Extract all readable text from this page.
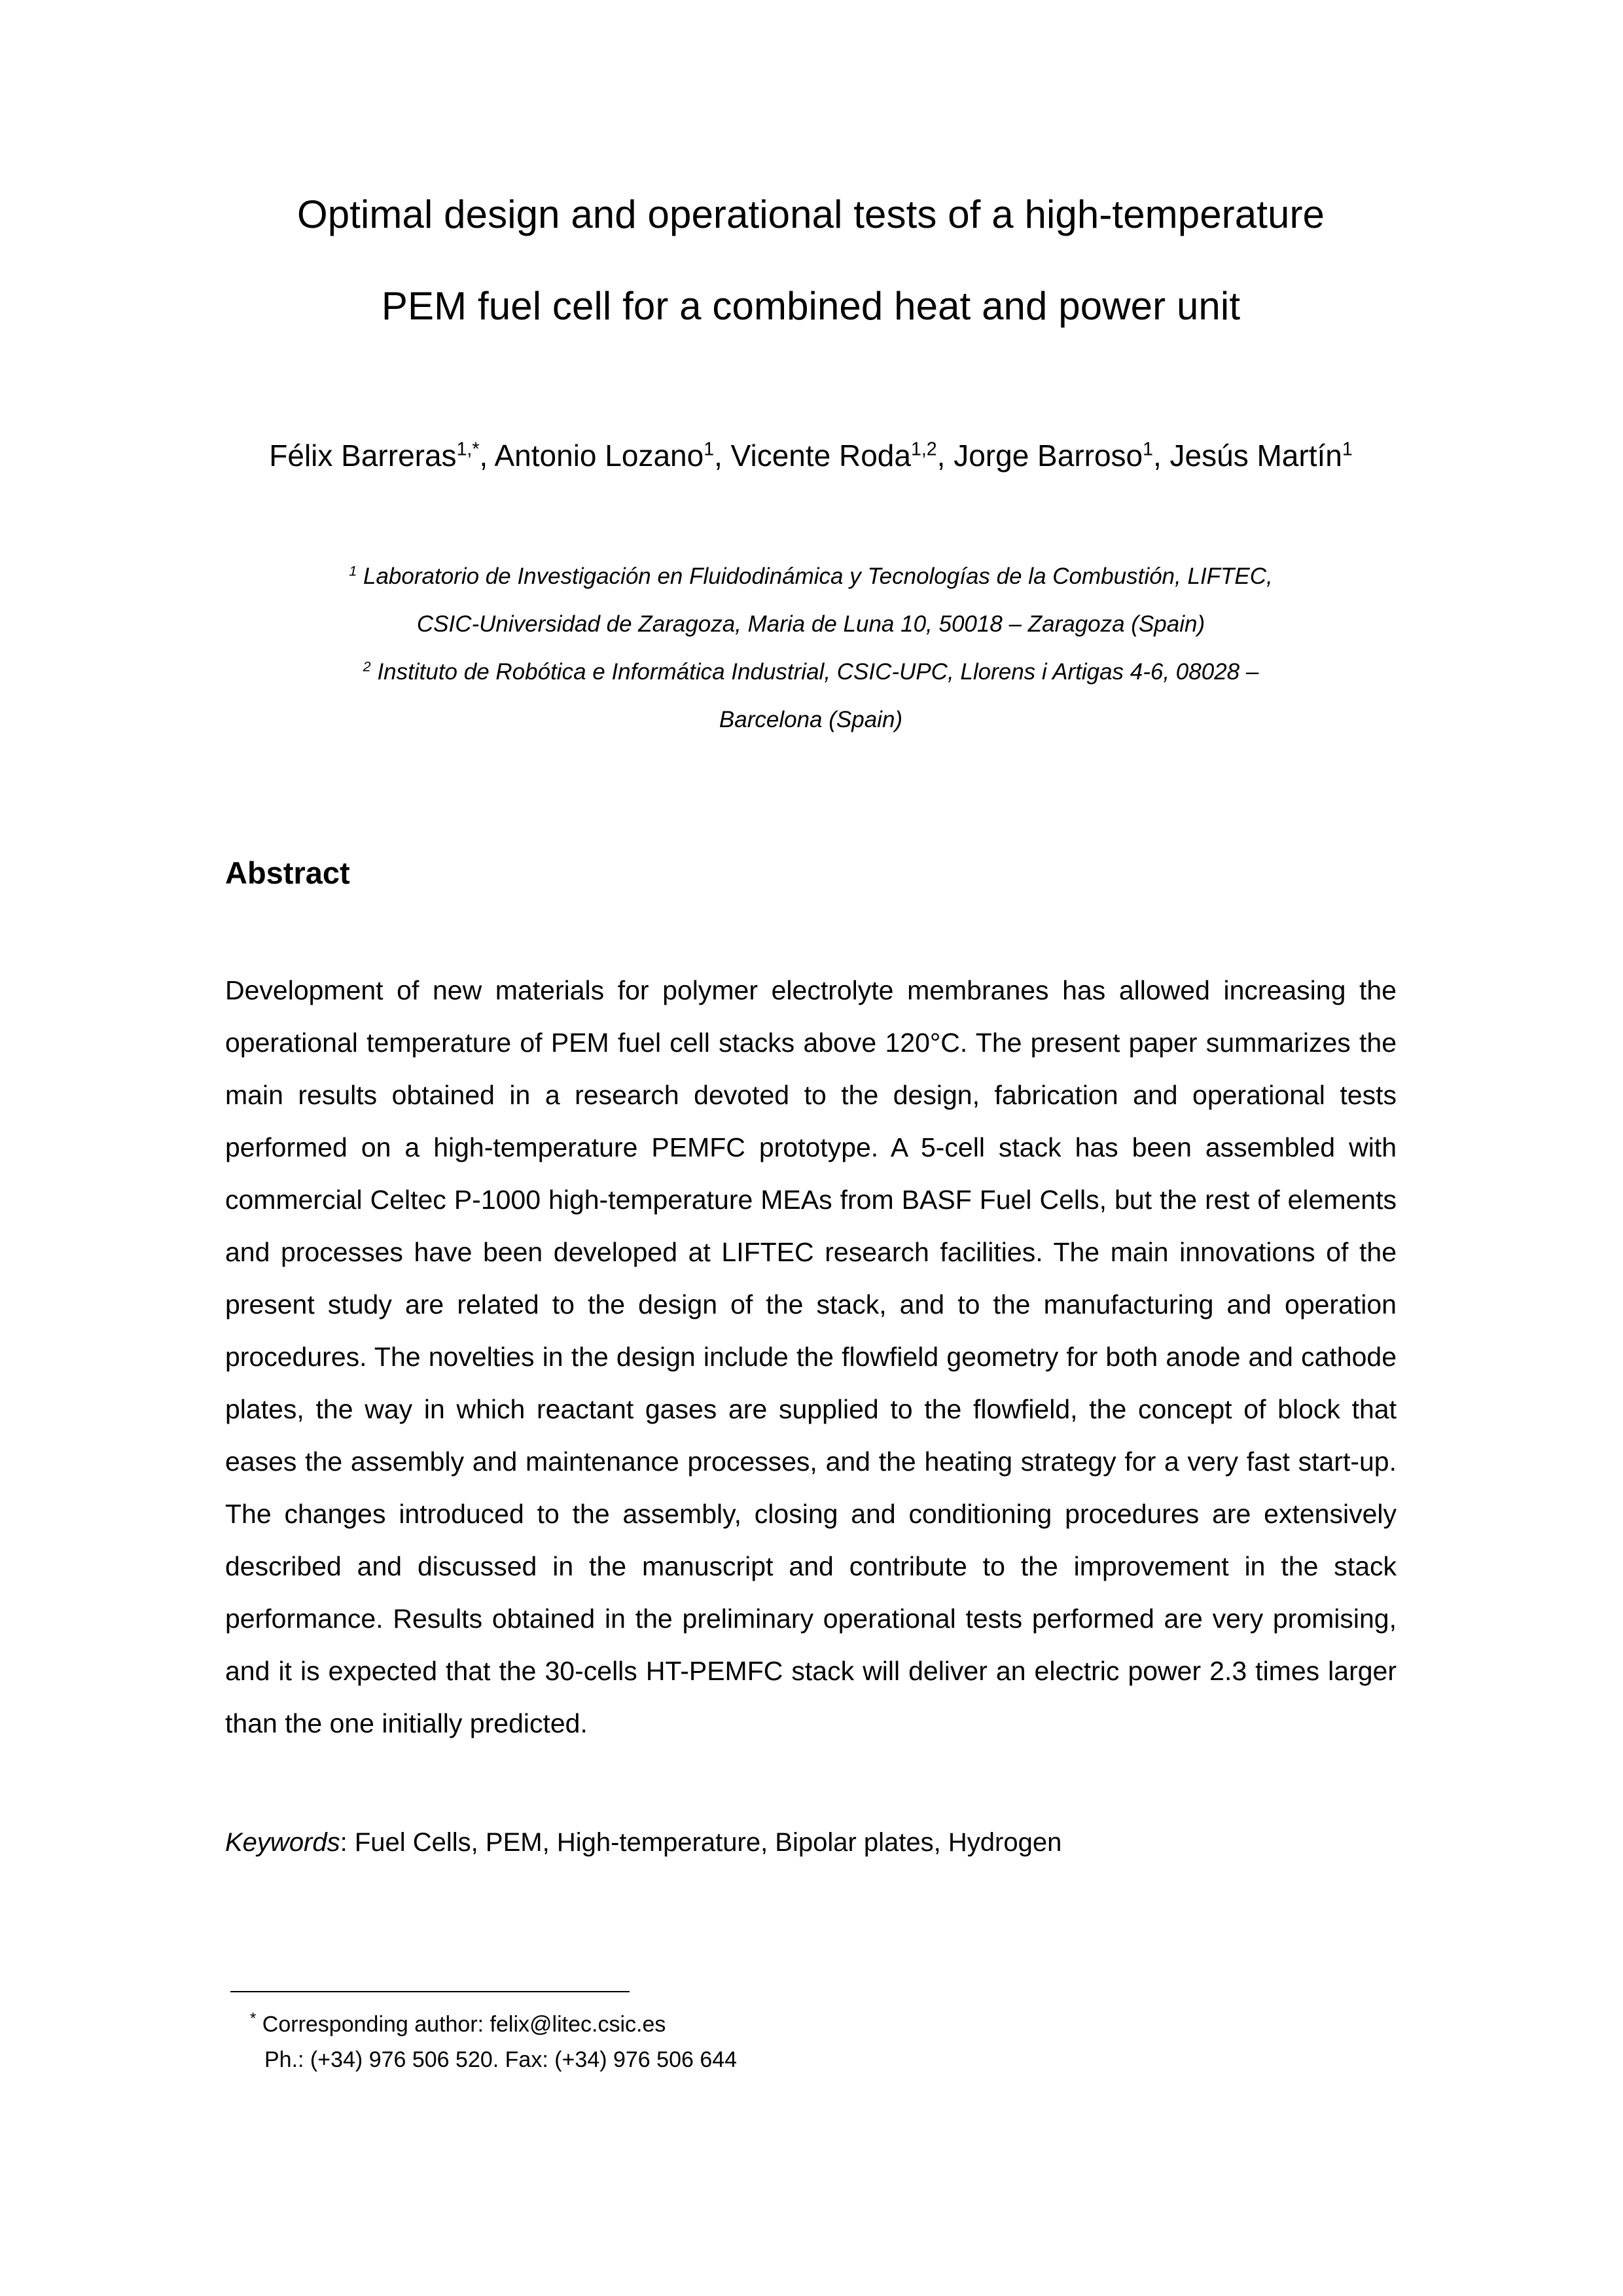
Optimal design and operational tests of a high-temperature
PEM fuel cell for a combined heat and power unit
Félix Barreras$^{1,*}$, Antonio Lozano$^1$, Vicente Roda$^{1,2}$, Jorge Barroso$^1$, Jesús Martín$^1$
$^1$ Laboratorio de Investigación en Fluidodinámica y Tecnologías de la Combustión, LIFTEC,
CSIC-Universidad de Zaragoza, Maria de Luna 10, 50018 – Zaragoza (Spain)
$^2$ Instituto de Robótica e Informática Industrial, CSIC-UPC, Llorens i Artigas 4-6, 08028 –
Barcelona (Spain)
Abstract

Development of new materials for polymer electrolyte membranes has allowed increasing the operational temperature of PEM fuel cell stacks above 120°C. The present paper summarizes the main results obtained in a research devoted to the design, fabrication and operational tests performed on a high-temperature PEMFC prototype. A 5-cell stack has been assembled with commercial Celtec P-1000 high-temperature MEAs from BASF Fuel Cells, but the rest of elements and processes have been developed at LIFTEC research facilities. The main innovations of the present study are related to the design of the stack, and to the manufacturing and operation procedures. The novelties in the design include the flowfield geometry for both anode and cathode plates, the way in which reactant gases are supplied to the flowfield, the concept of block that eases the assembly and maintenance processes, and the heating strategy for a very fast start-up. The changes introduced to the assembly, closing and conditioning procedures are extensively described and discussed in the manuscript and contribute to the improvement in the stack performance. Results obtained in the preliminary operational tests performed are very promising, and it is expected that the 30-cells HT-PEMFC stack will deliver an electric power 2.3 times larger than the one initially predicted.

Keywords: Fuel Cells, PEM, High-temperature, Bipolar plates, Hydrogen
* Corresponding author: felix@litec.csic.es
Ph.: (+34) 976 506 520. Fax: (+34) 976 506 644
